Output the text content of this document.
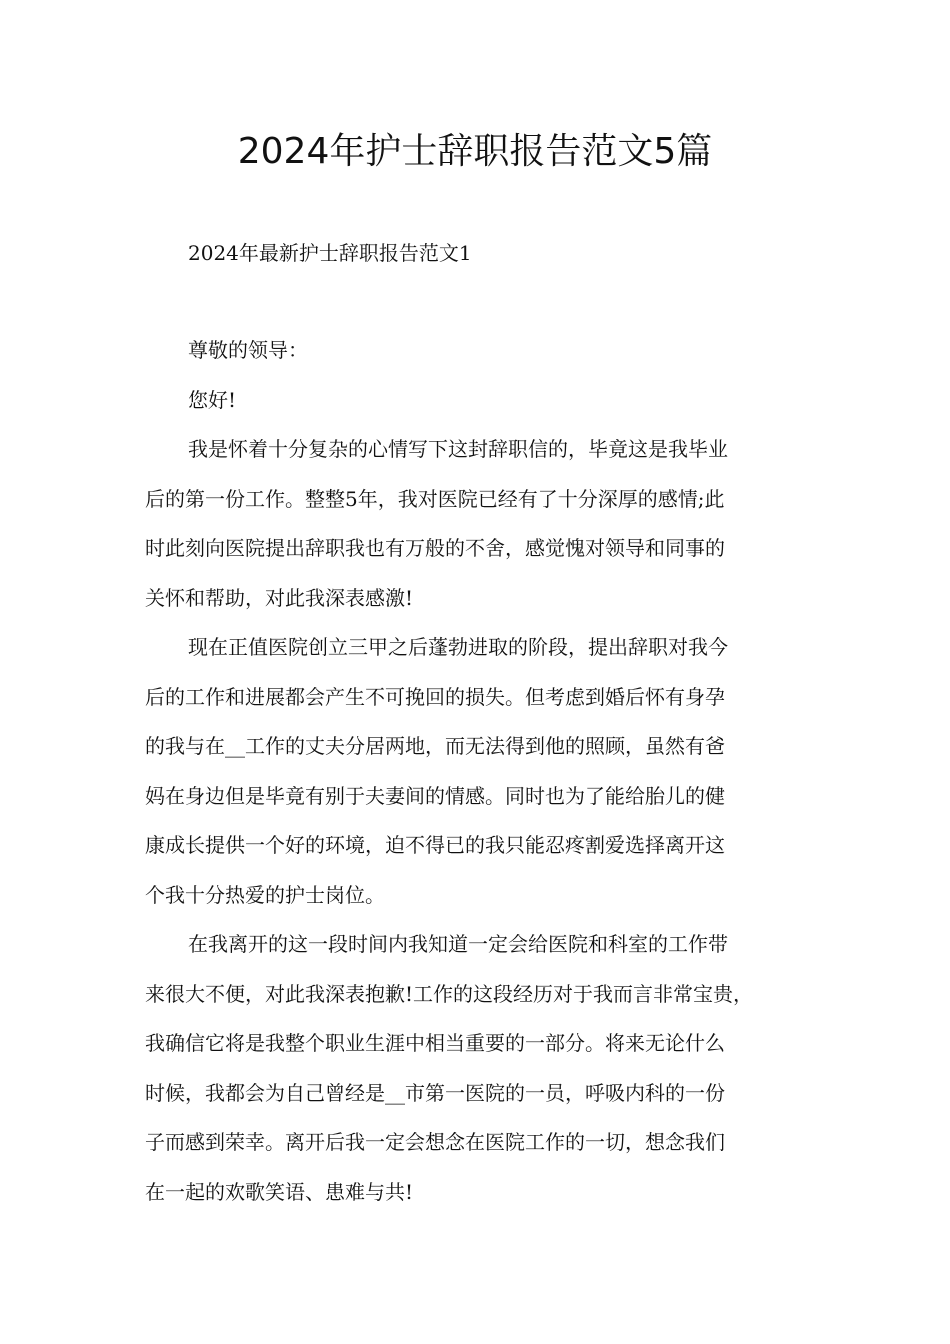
2024年护士辞职报告范文5篇
2024年最新护士辞职报告范文1
尊敬的领导：
您好!
我是怀着十分复杂的心情写下这封辞职信的，毕竟这是我毕业
后的第一份工作。整整5年，我对医院已经有了十分深厚的感情;此
时此刻向医院提出辞职我也有万般的不舍，感觉愧对领导和同事的
关怀和帮助，对此我深表感激!
现在正值医院创立三甲之后蓬勃进取的阶段，提出辞职对我今
后的工作和进展都会产生不可挽回的损失。但考虑到婚后怀有身孕
的我与在__工作的丈夫分居两地，而无法得到他的照顾，虽然有爸
妈在身边但是毕竟有别于夫妻间的情感。同时也为了能给胎儿的健
康成长提供一个好的环境，迫不得已的我只能忍疼割爱选择离开这
个我十分热爱的护士岗位。
在我离开的这一段时间内我知道一定会给医院和科室的工作带
来很大不便，对此我深表抱歉!工作的这段经历对于我而言非常宝贵，
我确信它将是我整个职业生涯中相当重要的一部分。将来无论什么
时候，我都会为自己曾经是__市第一医院的一员，呼吸内科的一份
子而感到荣幸。离开后我一定会想念在医院工作的一切，想念我们
在一起的欢歌笑语、患难与共!
